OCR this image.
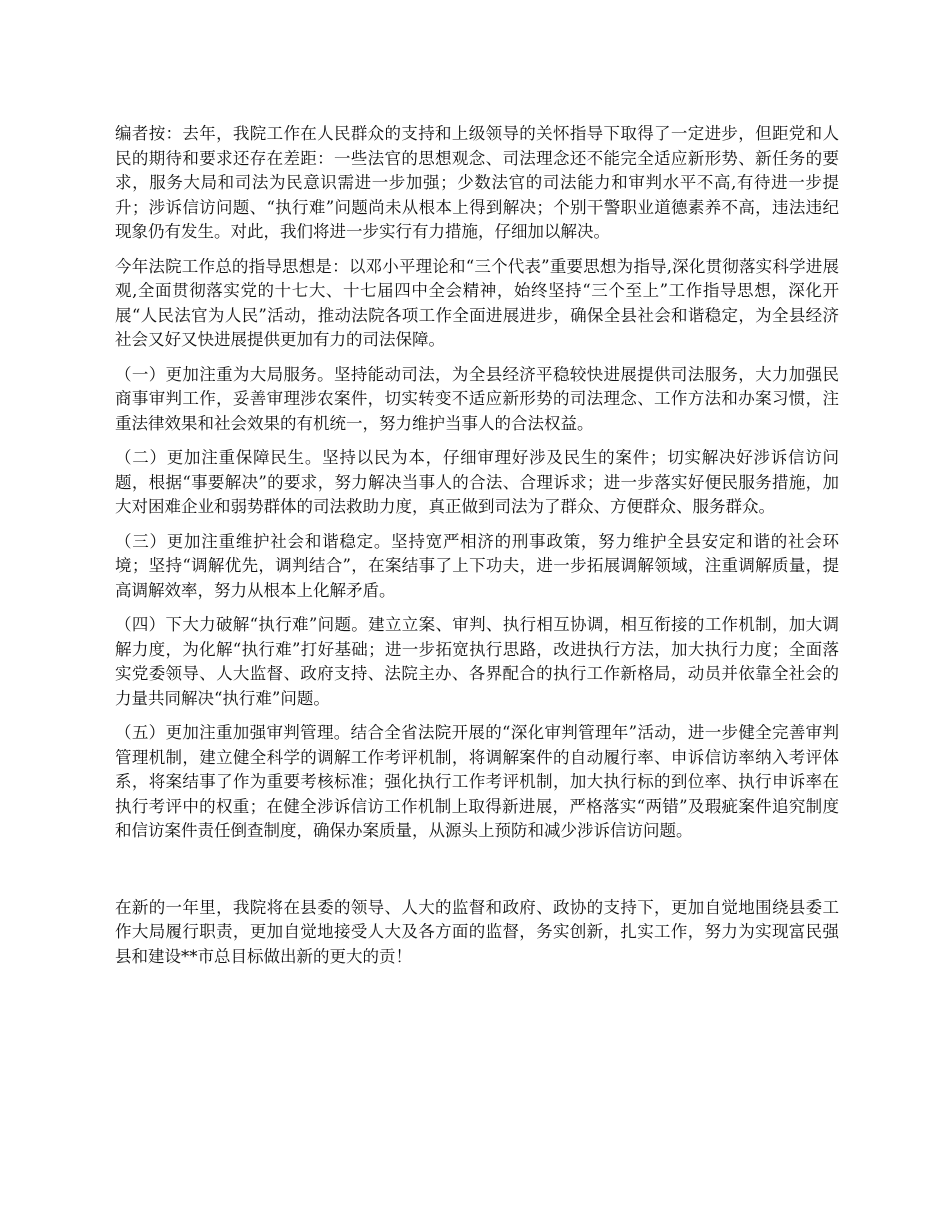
编者按：去年，我院工作在人民群众的支持和上级领导的关怀指导下取得了一定进步，但距党和人民的期待和要求还存在差距：一些法官的思想观念、司法理念还不能完全适应新形势、新任务的要求，服务大局和司法为民意识需进一步加强；少数法官的司法能力和审判水平不高,有待进一步提升；涉诉信访问题、“执行难”问题尚未从根本上得到解决；个别干警职业道德素养不高，违法违纪现象仍有发生。对此，我们将进一步实行有力措施，仔细加以解决。

今年法院工作总的指导思想是：以邓小平理论和“三个代表”重要思想为指导,深化贯彻落实科学进展观,全面贯彻落实党的十七大、十七届四中全会精神，始终坚持“三个至上”工作指导思想，深化开展“人民法官为人民”活动，推动法院各项工作全面进展进步，确保全县社会和谐稳定，为全县经济社会又好又快进展提供更加有力的司法保障。

（一）更加注重为大局服务。坚持能动司法，为全县经济平稳较快进展提供司法服务，大力加强民商事审判工作，妥善审理涉农案件，切实转变不适应新形势的司法理念、工作方法和办案习惯，注重法律效果和社会效果的有机统一，努力维护当事人的合法权益。

（二）更加注重保障民生。坚持以民为本，仔细审理好涉及民生的案件；切实解决好涉诉信访问题，根据“事要解决”的要求，努力解决当事人的合法、合理诉求；进一步落实好便民服务措施，加大对困难企业和弱势群体的司法救助力度，真正做到司法为了群众、方便群众、服务群众。

（三）更加注重维护社会和谐稳定。坚持宽严相济的刑事政策，努力维护全县安定和谐的社会环境；坚持“调解优先，调判结合”，在案结事了上下功夫，进一步拓展调解领域，注重调解质量，提高调解效率，努力从根本上化解矛盾。

（四）下大力破解“执行难”问题。建立立案、审判、执行相互协调，相互衔接的工作机制，加大调解力度，为化解“执行难”打好基础；进一步拓宽执行思路，改进执行方法，加大执行力度；全面落实党委领导、人大监督、政府支持、法院主办、各界配合的执行工作新格局，动员并依靠全社会的力量共同解决“执行难”问题。

（五）更加注重加强审判管理。结合全省法院开展的“深化审判管理年”活动，进一步健全完善审判管理机制，建立健全科学的调解工作考评机制，将调解案件的自动履行率、申诉信访率纳入考评体系，将案结事了作为重要考核标准；强化执行工作考评机制，加大执行标的到位率、执行申诉率在执行考评中的权重；在健全涉诉信访工作机制上取得新进展，严格落实“两错”及瑕疵案件追究制度和信访案件责任倒查制度，确保办案质量，从源头上预防和减少涉诉信访问题。

在新的一年里，我院将在县委的领导、人大的监督和政府、政协的支持下，更加自觉地围绕县委工作大局履行职责，更加自觉地接受人大及各方面的监督，务实创新，扎实工作，努力为实现富民强县和建设**市总目标做出新的更大的贡！
